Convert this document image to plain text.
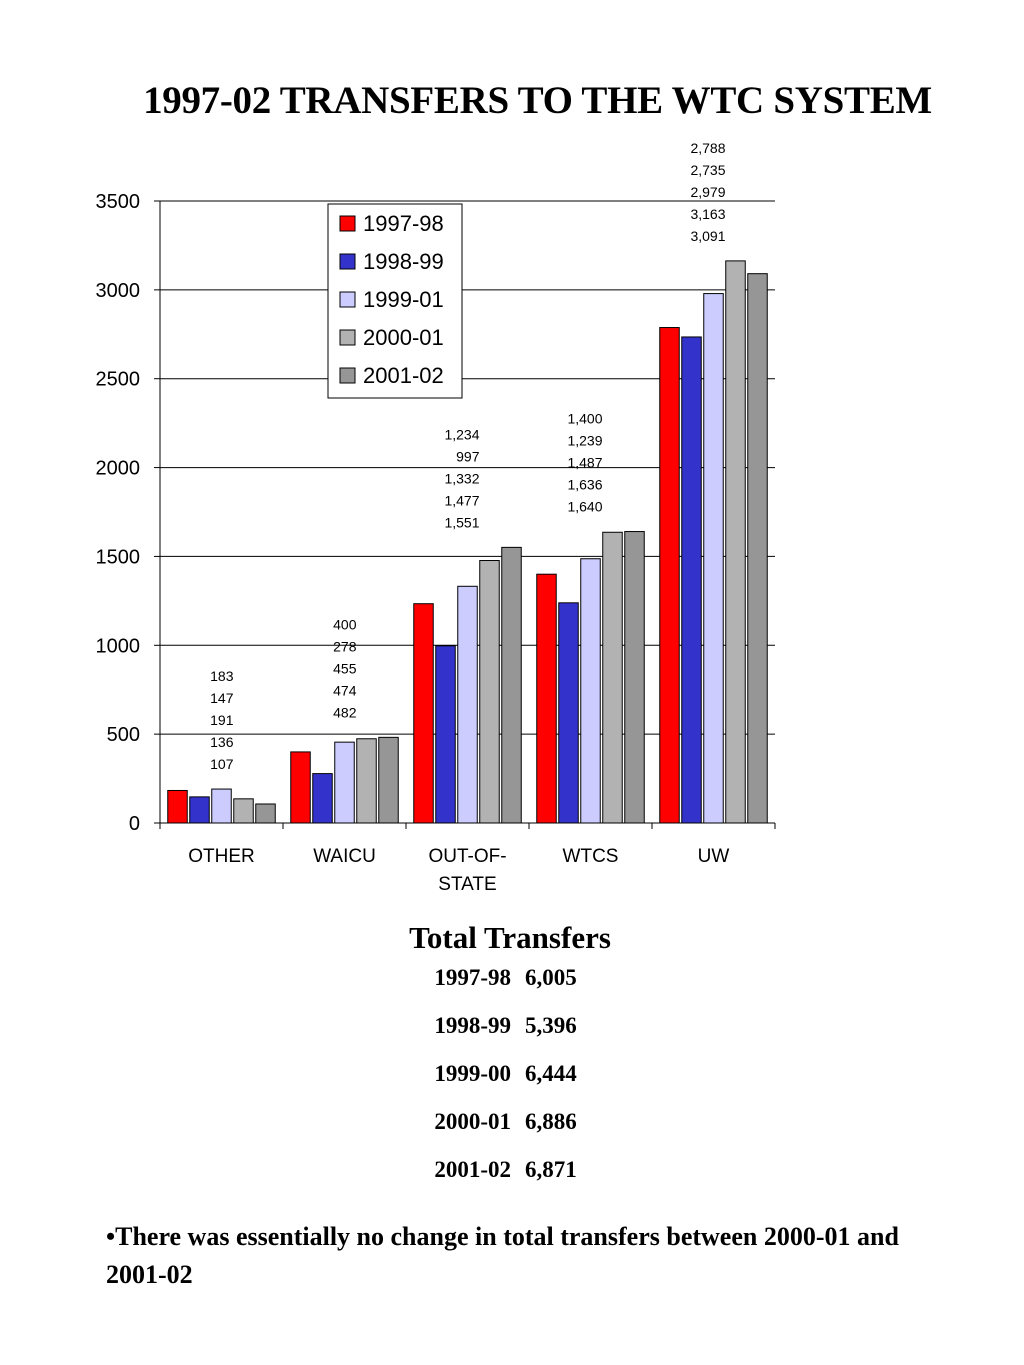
1997-02 TRANSFERS TO THE WTC SYSTEM
0
500
1000
1500
2000
2500
3000
3500
OTHER
183
147
191
136
107
WAICU
400
278
455
474
482
OUT-OF-
STATE
1,234
997
1,332
1,477
1,551
WTCS
1,400
1,239
1,487
1,636
1,640
UW
2,788
2,735
2,979
3,163
3,091
1997-98
1998-99
1999-01
2000-01
2001-02
Total Transfers
1997-98 6,005
1998-99 5,396
1999-00 6,444
2000-01 6,886
2001-02 6,871
•There was essentially no change in total transfers between 2000-01 and 2001-02
